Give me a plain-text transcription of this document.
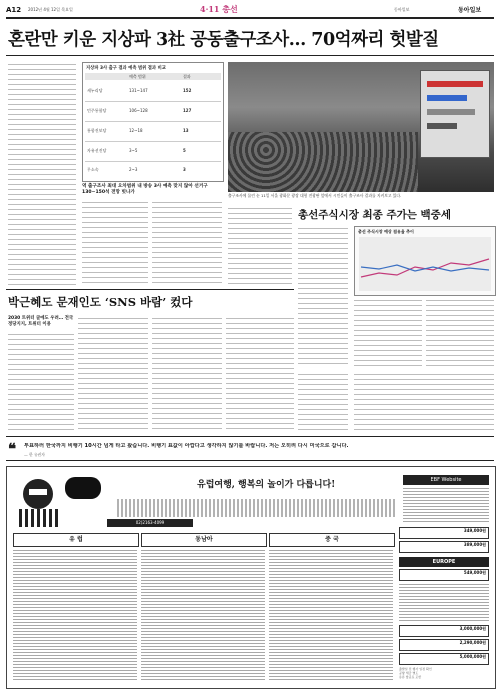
A12 2012년 4월 12일 목요일	4·11 총선	동아일보	동아일보
혼란만 키운 지상파 3社 공동출구조사… 70억짜리 헛발질
지상파 3사 출구 결과 예측 범위 결과 비교
예측 범위	결과
새누리당	131~147	152
민주통합당	106~128	127
통합진보당	12~18	13
자유선진당	3~5	5
무소속	2~3	3
역 출구조사 최대 오차범위 내 방송 3사 예측 맞지 않아 선거구 130~150석 전망 빗나가
출구조사에 몰린 눈 11일 서울 광화문 광장 대형 전광판 앞에서 시민들이 출구조사 결과를 지켜보고 있다.
총선주식시장 최종 주가는 백중세
총선 주식시장 예상 점유율 추이
박근혜도 문재인도 ‘SNS 바람’ 컸다
2030 트위터 글에도 우려… 전국 정당지지, 트위터 이용
❝ 투표하러 한국까지 비행기 10시간 넘게 타고 왔습니다. 비행기 표값이 아깝다고 생각하지 않기를 바랍니다. 저는 오히려 다시 미국으로 갑니다.
— 한 유권자
유럽여행, 행복의 놀이가 다릅니다!
02)2163-4099
EBF Website
유 럽	동남아	중 국
349,000원
389,000원
EUROPE
549,000원
3,000,000원
2,290,000원
5,000,000원
출발일 전 행사 일정 확인
공항 세금 별도
유류 할증료 포함
